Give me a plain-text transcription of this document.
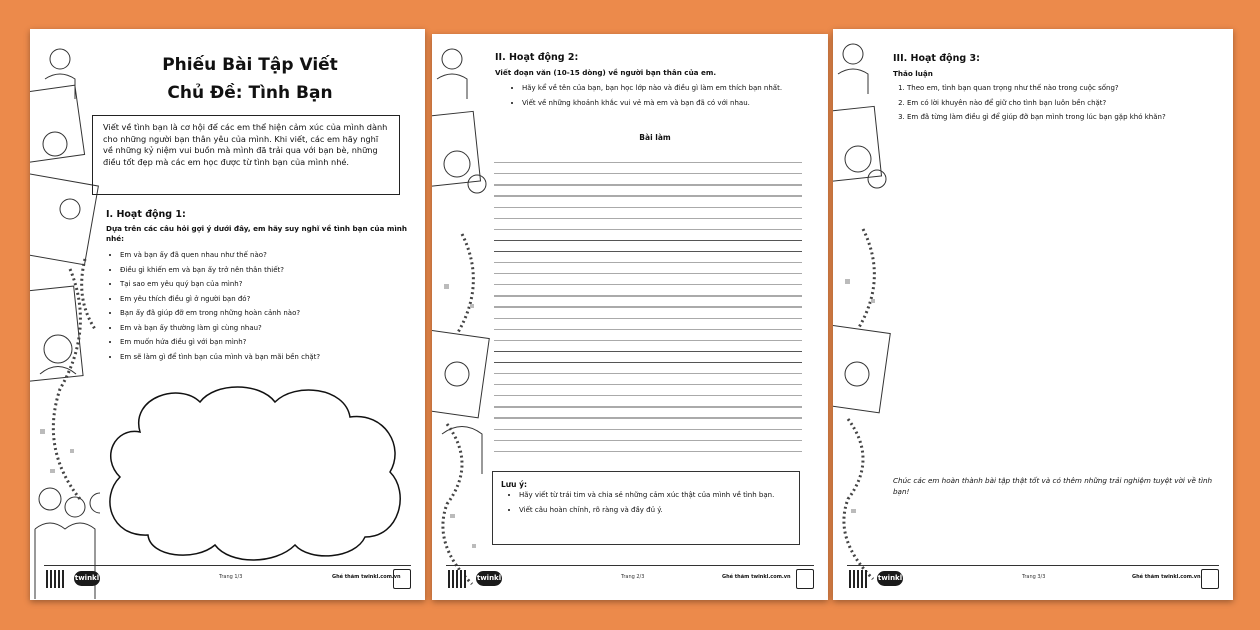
Phiếu Bài Tập Viết
Chủ Đề: Tình Bạn
Viết về tình bạn là cơ hội để các em thể hiện cảm xúc của mình dành cho những người bạn thân yêu của mình. Khi viết, các em hãy nghĩ về những kỷ niệm vui buồn mà mình đã trải qua với bạn bè, những điều tốt đẹp mà các em học được từ tình bạn của mình nhé.
I. Hoạt động 1:
Dựa trên các câu hỏi gợi ý dưới đây, em hãy suy nghĩ về tình bạn của mình nhé:
• Em và bạn ấy đã quen nhau như thế nào?
• Điều gì khiến em và bạn ấy trở nên thân thiết?
• Tại sao em yêu quý bạn của mình?
• Em yêu thích điều gì ở người bạn đó?
• Bạn ấy đã giúp đỡ em trong những hoàn cảnh nào?
• Em và bạn ấy thường làm gì cùng nhau?
• Em muốn hứa điều gì với bạn mình?
• Em sẽ làm gì để tình bạn của mình và bạn mãi bền chặt?
twinkl	Trang 1/3	Ghé thăm twinkl.com.vn
II. Hoạt động 2:
Viết đoạn văn (10-15 dòng) về người bạn thân của em.
• Hãy kể về tên của bạn, bạn học lớp nào và điều gì làm em thích bạn nhất.
• Viết về những khoảnh khắc vui vẻ mà em và bạn đã có với nhau.
Bài làm
Lưu ý:
• Hãy viết từ trái tim và chia sẻ những cảm xúc thật của mình về tình bạn.
• Viết câu hoàn chỉnh, rõ ràng và đầy đủ ý.
twinkl	Trang 2/3	Ghé thăm twinkl.com.vn
III. Hoạt động 3:
Thảo luận
1. Theo em, tình bạn quan trọng như thế nào trong cuộc sống?
2. Em có lời khuyên nào để giữ cho tình bạn luôn bền chặt?
3. Em đã từng làm điều gì để giúp đỡ bạn mình trong lúc bạn gặp khó khăn?
Chúc các em hoàn thành bài tập thật tốt và có thêm những trải nghiệm tuyệt vời về tình bạn!
twinkl	Trang 3/3	Ghé thăm twinkl.com.vn
